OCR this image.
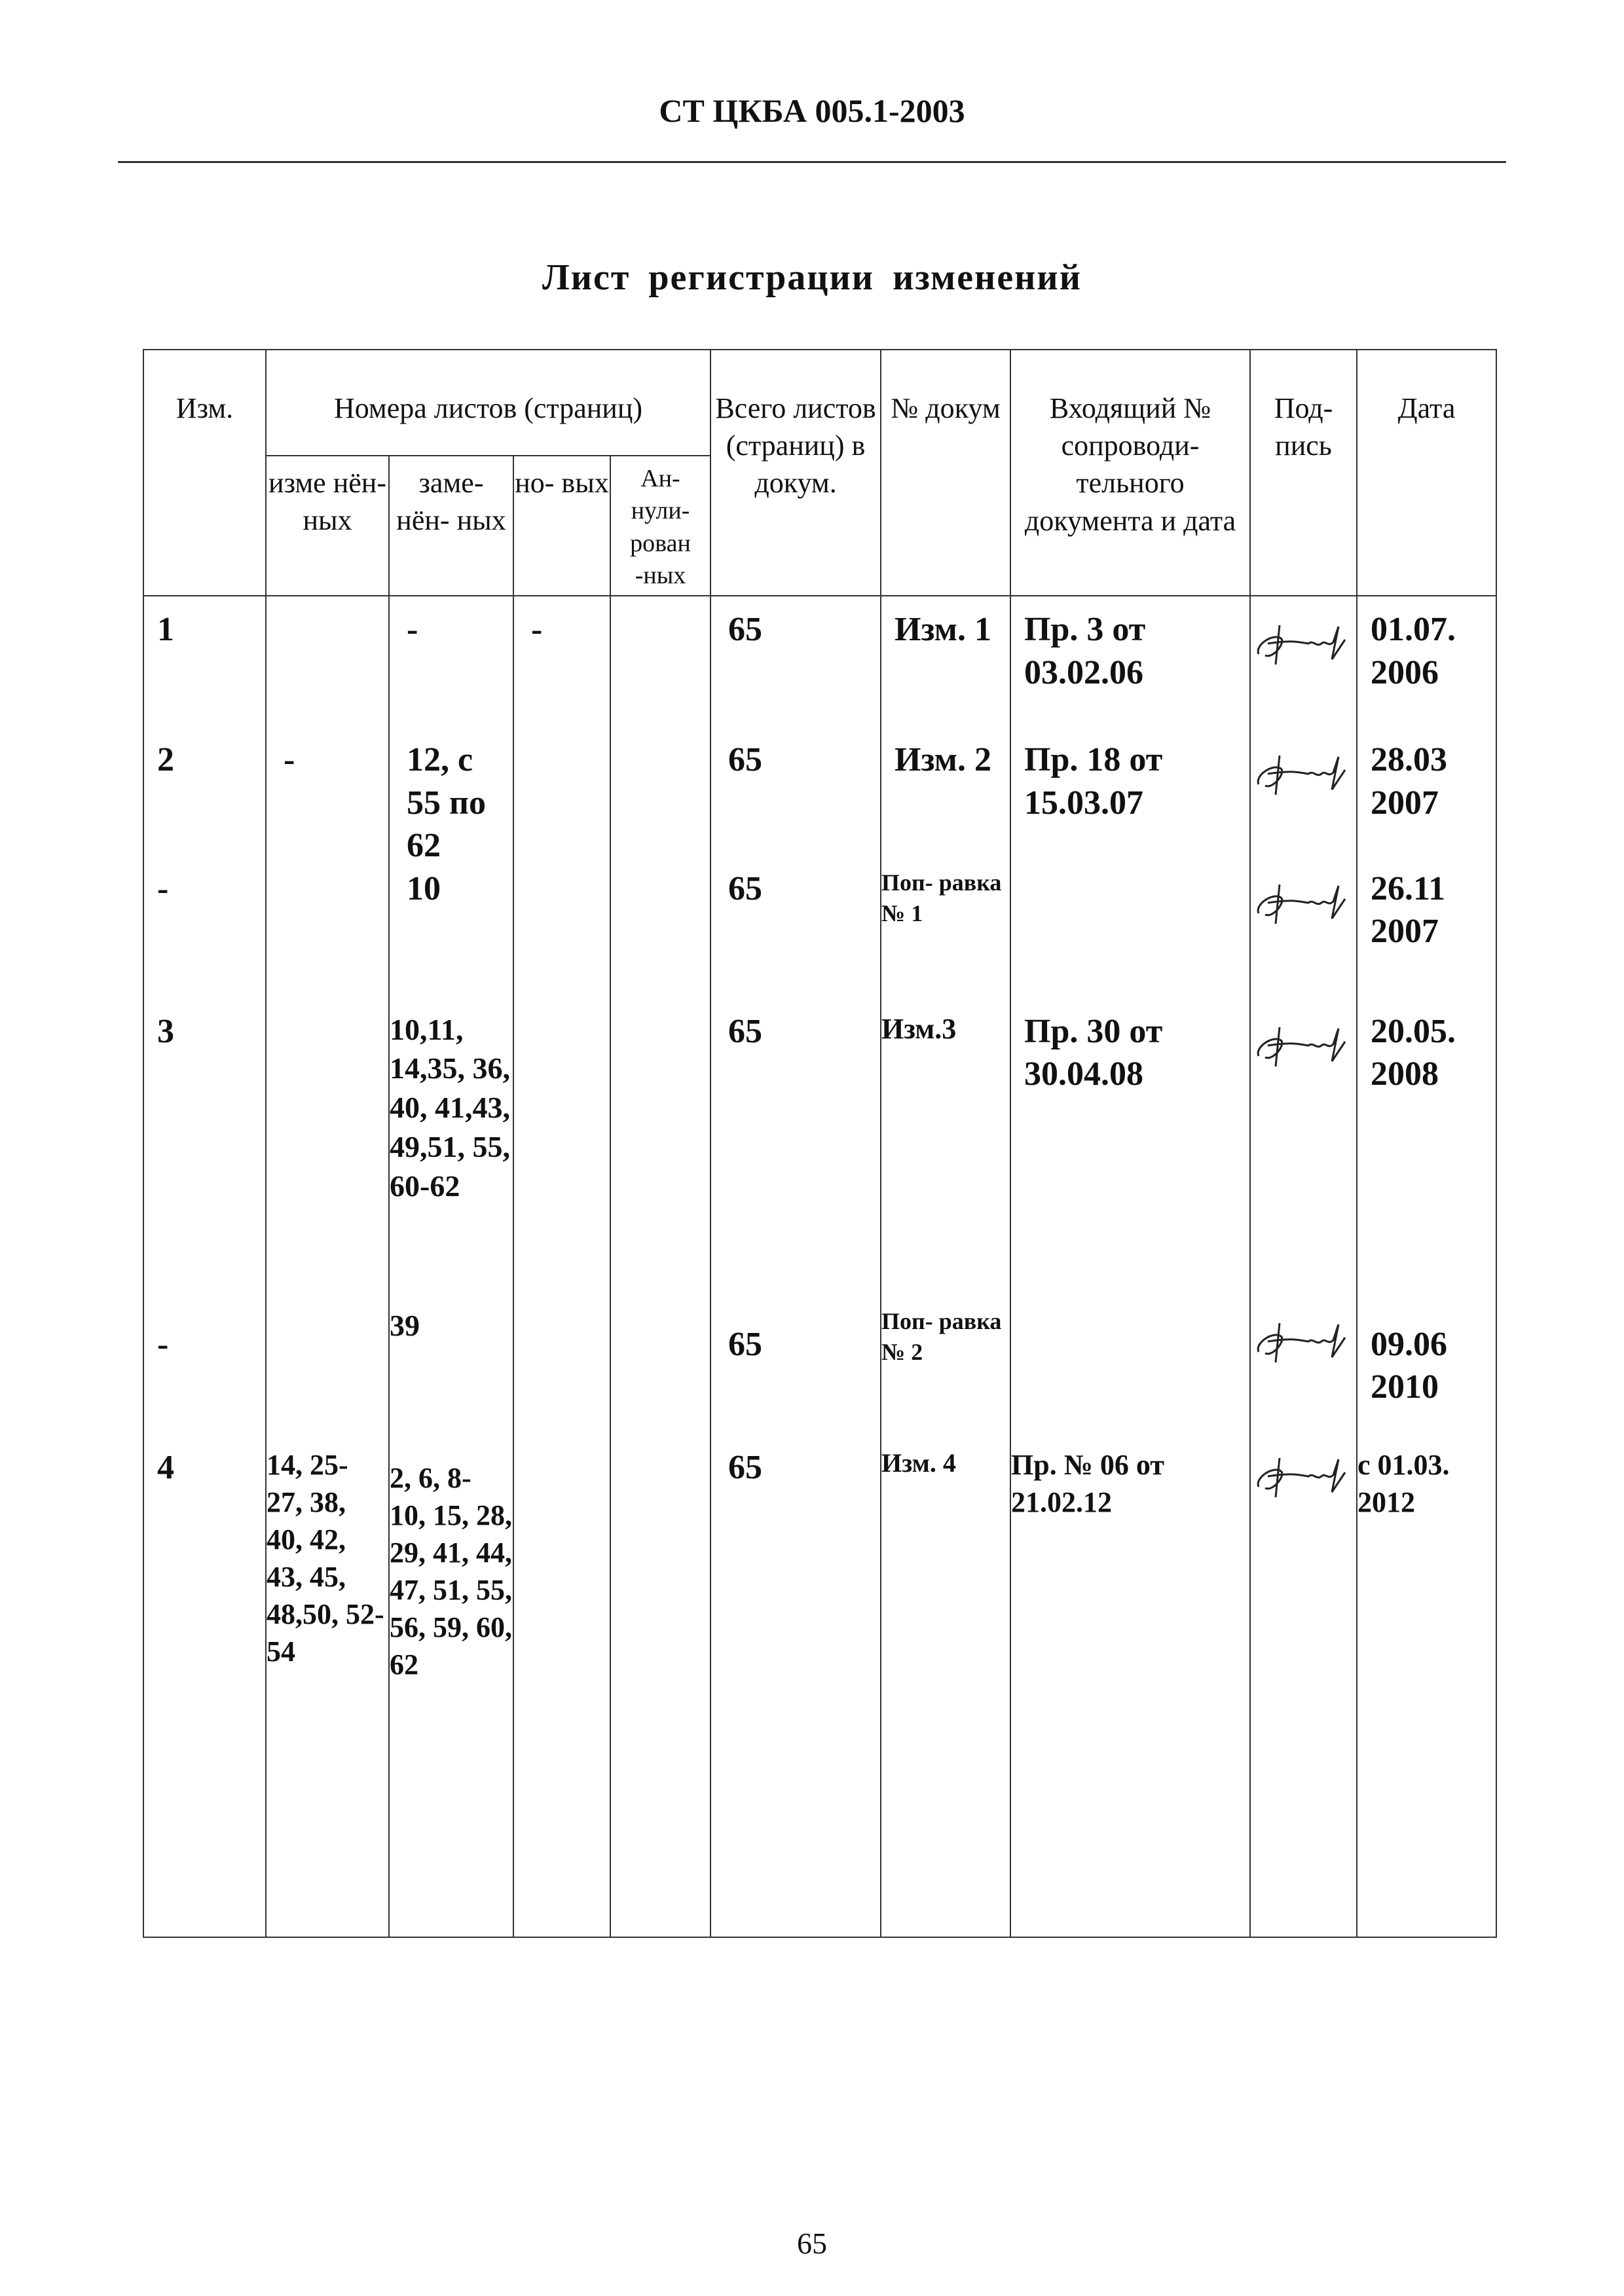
СТ ЦКБА 005.1-2003
Лист регистрации изменений
Изм.	Номера листов (страниц)				Всего листов (страниц) в докум.	№ докум	Входящий № сопроводи- тельного документа и дата	Под- пись	Дата
	изме нён- ных	заме- нён- ных	но- вых	Ан- нули- рован -ных					
1		-	-		65	Изм. 1	Пр. 3 от 03.02.06		01.07. 2006
2	-	12, с 55 по 62			65	Изм. 2	Пр. 18 от 15.03.07		28.03 2007
-		10			65	Поп- равка № 1			26.11 2007
3		10,11, 14,35, 36, 40, 41,43, 49,51, 55, 60-62			65	Изм.3	Пр. 30 от 30.04.08		20.05. 2008
-		39			65	Поп- равка № 2			09.06 2010
4	14, 25- 27, 38, 40, 42, 43, 45, 48,50, 52-54	2, 6, 8- 10, 15, 28, 29, 41, 44, 47, 51, 55, 56, 59, 60, 62			65	Изм. 4	Пр. № 06 от 21.02.12		с 01.03. 2012
65
